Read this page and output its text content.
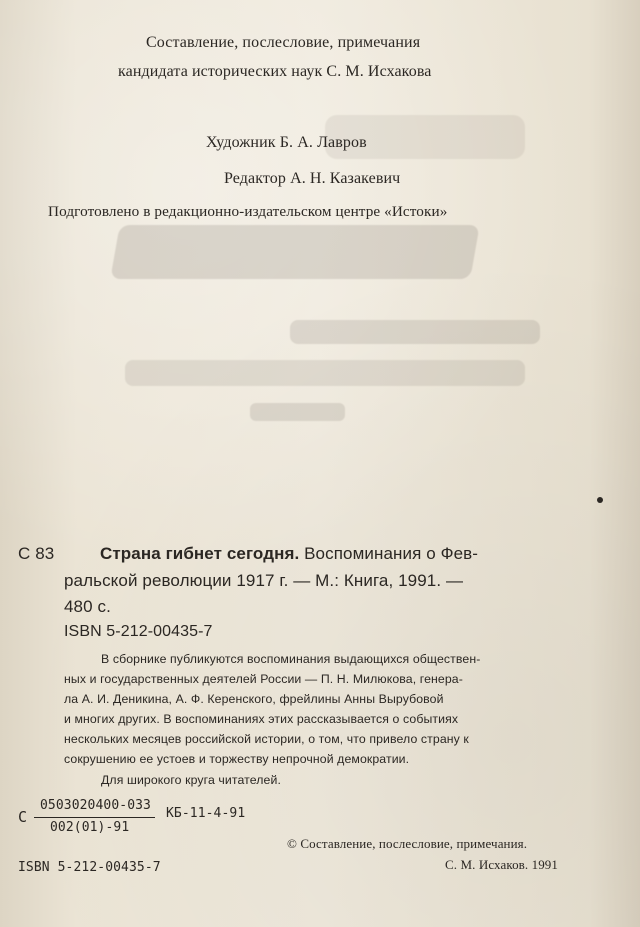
Составление, послесловие, примечания
кандидата исторических наук С. М. Исхакова
Художник Б. А. Лавров
Редактор А. Н. Казакевич
Подготовлено в редакционно-издательском центре «Истоки»
С 83	Страна гибнет сегодня. Воспоминания о Фев-
ральской революции 1917 г. — М.: Книга, 1991. —
480 с.
ISBN 5-212-00435-7
В сборнике публикуются воспоминания выдающихся обществен-
ных и государственных деятелей России — П. Н. Милюкова, генера-
ла А. И. Деникина, А. Ф. Керенского, фрейлины Анны Вырубовой
и многих других. В воспоминаниях этих рассказывается о событиях
нескольких месяцев российской истории, о том, что привело страну к
сокрушению ее устоев и торжеству непрочной демократии.
Для широкого круга читателей.
С
0503020400-033
002(01)-91
КБ-11-4-91
© Составление, послесловие, примечания.
С. М. Исхаков. 1991
ISBN 5-212-00435-7
